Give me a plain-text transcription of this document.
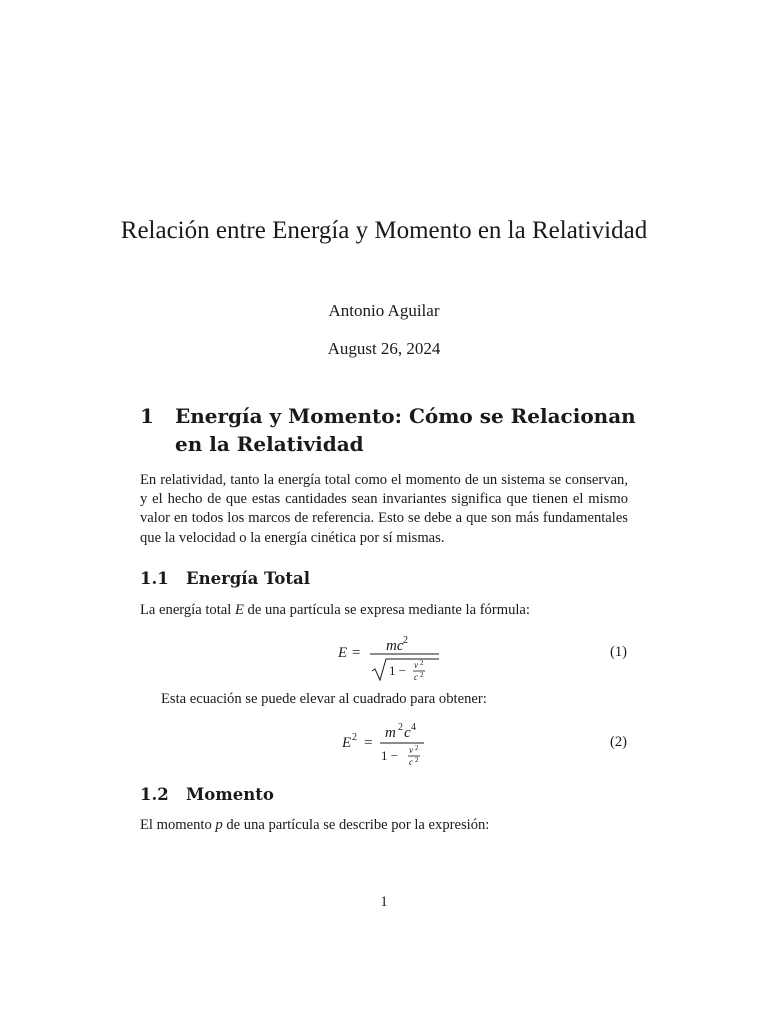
Relación entre Energía y Momento en la Relatividad
Antonio Aguilar
August 26, 2024
1 Energía y Momento: Cómo se Relacionan en la Relatividad

En relatividad, tanto la energía total como el momento de un sistema se conservan, y el hecho de que estas cantidades sean invariantes significa que tienen el mismo valor en todos los marcos de referencia. Esto se debe a que son más fundamentales que la velocidad o la energía cinética por sí mismas.

1.1 Energía Total

La energía total E de una partícula se expresa mediante la fórmula:

E = mc 2
1 − v 2
c 2
(1)

Esta ecuación se puede elevar al cuadrado para obtener:

E 2 =
m 2 c 4
1 − v 2
c 2
(2)
1.2 Momento

El momento p de una partícula se describe por la expresión:

1
